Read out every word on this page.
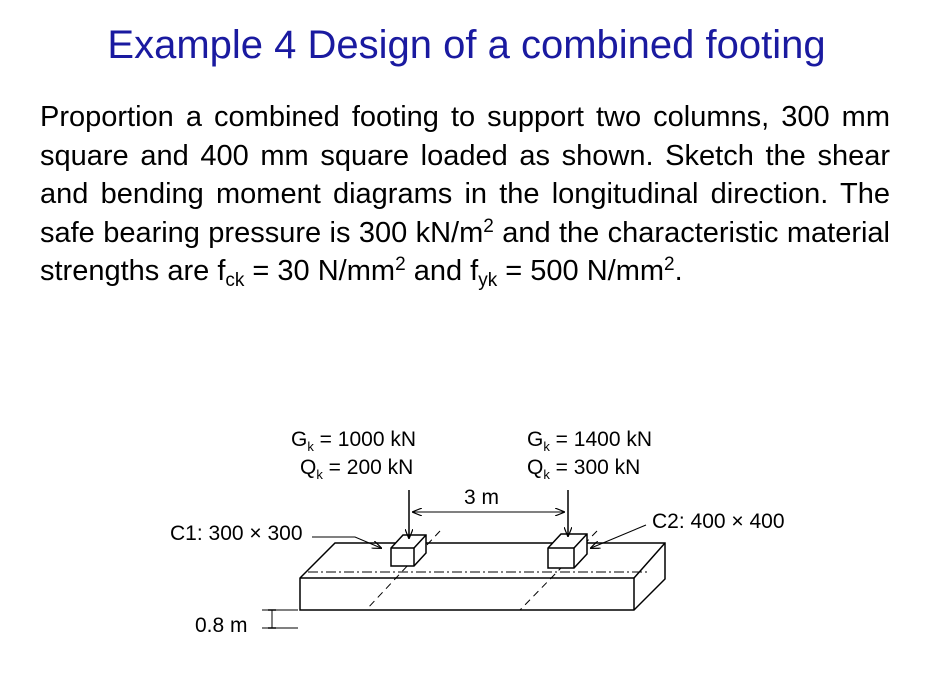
Example 4 Design of a combined footing
Proportion a combined footing to support two columns, 300 mm square and 400 mm square loaded as shown. Sketch the shear and bending moment diagrams in the longitudinal direction. The safe bearing pressure is 300 $kN/m^2$ and the characteristic material strengths are $f_{ck} = 30$ $N/mm^2$ and $f_{yk} = 500$ $N/mm^2$.
3 m
$G_k = 1000$ kN
$Q_k = 200$ kN
$G_k = 1400$ kN
$Q_k = 300$ kN
C1: 300 × 300
C2: 400 × 400
0.8 m
